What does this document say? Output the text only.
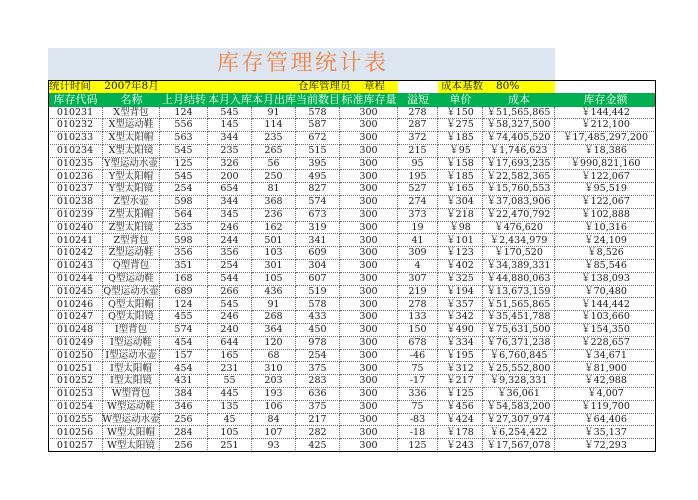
库存管理统计表
统计时间	2007年8月	仓库管理员 章程	成本基数 80%
库存代码	名称	上月结转 本月入库 本月出库 当前数目 标准库存量 溢短	单价	成本	库存金额
010231	X型背包	124	545	91	578	300	278	￥150	￥51,565,865	￥144,442
010232	X型运动鞋	556	145	114	587	300	287	￥275	￥58,327,500	￥212,100
010233	X型太阳帽	563	344	235	672	300	372	￥185	￥74,405,520	￥17,485,297,200
010234	X型太阳镜	545	235	265	515	300	215	￥95	￥1,746,623	￥18,386
010235	Y型运动水壶	125	326	56	395	300	95	￥158	￥17,693,235	￥990,821,160
010236	Y型太阳帽	545	200	250	495	300	195	￥185	￥22,582,365	￥122,067
010237	Y型太阳镜	254	654	81	827	300	527	￥165	￥15,760,553	￥95,519
010238	Z型水壶	598	344	368	574	300	274	￥304	￥37,083,906	￥122,067
010239	Z型太阳帽	564	345	236	673	300	373	￥218	￥22,470,792	￥102,888
010240	Z型太阳镜	235	246	162	319	300	19	￥98	￥476,620	￥10,316
010241	Z型背包	598	244	501	341	300	41	￥101	￥2,434,979	￥24,109
010242	Z型运动鞋	356	356	103	609	300	309	￥123	￥170,520	￥8,526
010243	Q型背包	351	254	301	304	300	4	￥402	￥34,389,331	￥85,546
010244	Q型运动鞋	168	544	105	607	300	307	￥325	￥44,880,063	￥138,093
010245	Q型运动水壶	689	266	436	519	300	219	￥194	￥13,673,159	￥70,480
010246	Q型太阳帽	124	545	91	578	300	278	￥357	￥51,565,865	￥144,442
010247	Q型太阳镜	455	246	268	433	300	133	￥342	￥35,451,788	￥103,660
010248	I型背包	574	240	364	450	300	150	￥490	￥75,631,500	￥154,350
010249	I型运动鞋	454	644	120	978	300	678	￥334	￥76,371,238	￥228,657
010250	I型运动水壶	157	165	68	254	300	-46	￥195	￥6,760,845	￥34,671
010251	I型太阳帽	454	231	310	375	300	75	￥312	￥25,552,800	￥81,900
010252	I型太阳镜	431	55	203	283	300	-17	￥217	￥9,328,331	￥42,988
010253	W型背包	384	445	193	636	300	336	￥125	￥36,061	￥4,007
010254	W型运动鞋	346	135	106	375	300	75	￥456	￥54,583,200	￥119,700
010255 W型运动水壶	256	45	84	217	300	-83	￥424	￥27,307,974	￥64,406
010256	W型太阳帽	284	105	107	282	300	-18	￥178	￥6,254,422	￥35,137
010257	W型太阳镜	256	251	93	425	300	125	￥243	￥17,567,078	￥72,293
